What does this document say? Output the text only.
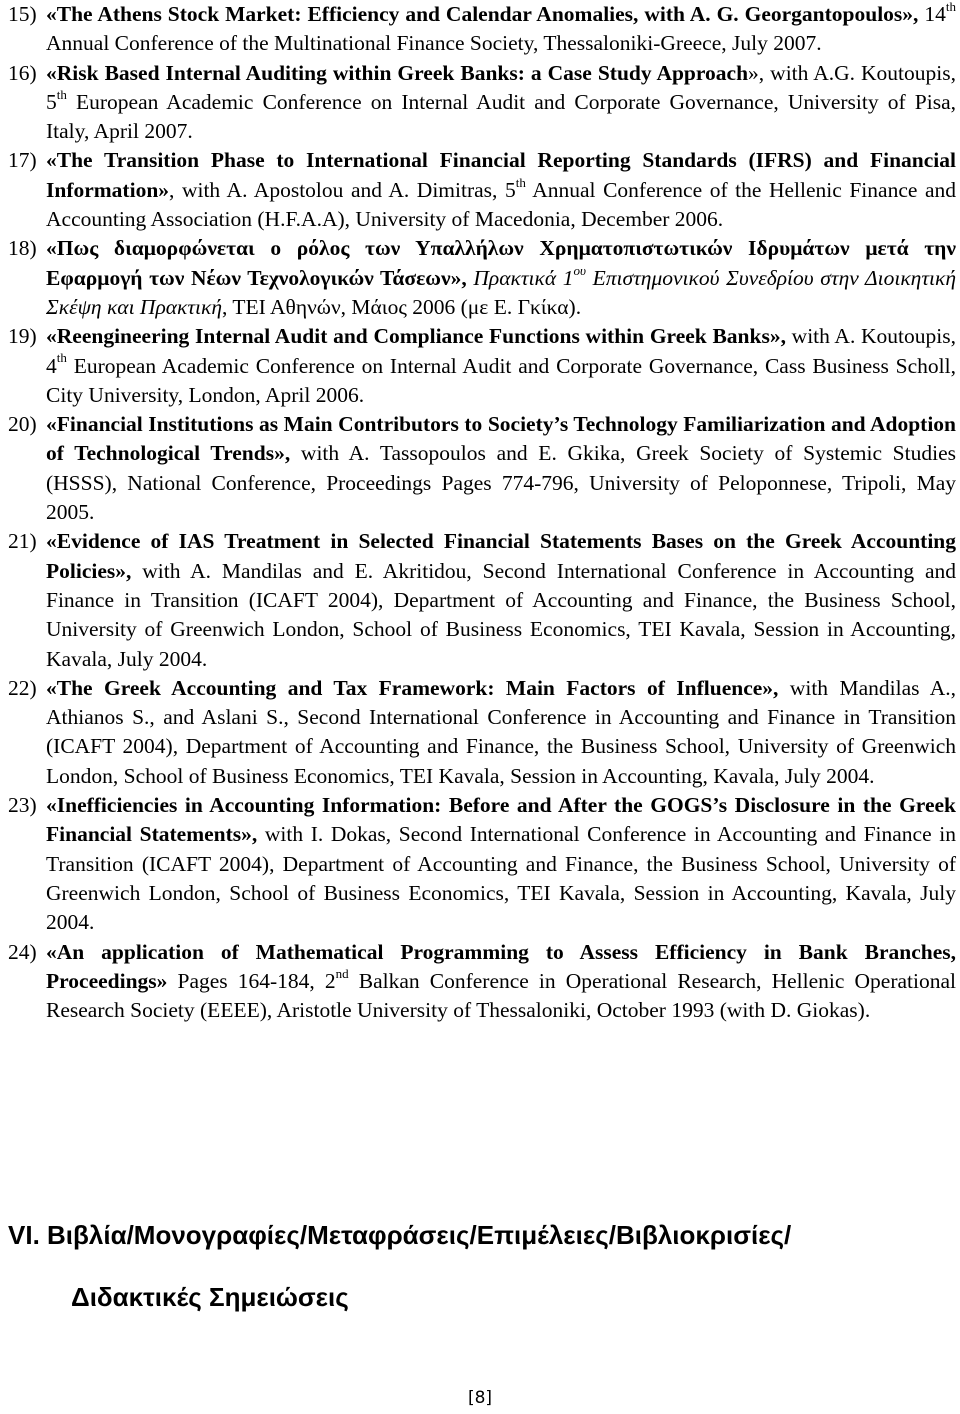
15) «The Athens Stock Market: Efficiency and Calendar Anomalies, with A. G. Georgantopoulos», 14th Annual Conference of the Multinational Finance Society, Thessaloniki-Greece, July 2007.
16) «Risk Based Internal Auditing within Greek Banks: a Case Study Approach», with A.G. Koutoupis, 5th European Academic Conference on Internal Audit and Corporate Governance, University of Pisa, Italy, April 2007.
17) «The Transition Phase to International Financial Reporting Standards (IFRS) and Financial Information», with A. Apostolou and A. Dimitras, 5th Annual Conference of the Hellenic Finance and Accounting Association (H.F.A.A), University of Macedonia, December 2006.
18) «Πως διαμορφώνεται ο ρόλος των Υπαλλήλων Χρηματοπιστωτικών Ιδρυμάτων μετά την Εφαρμογή των Νέων Τεχνολογικών Τάσεων», Πρακτικά $1^{o\upsilon}$ Επιστημονικού Συνεδρίου στην Διοικητική Σκέψη και Πρακτική, ΤΕΙ Αθηνών, Μάιος 2006 (με Ε. Γκίκα).
19) «Reengineering Internal Audit and Compliance Functions within Greek Banks», with A. Koutoupis, 4th European Academic Conference on Internal Audit and Corporate Governance, Cass Business Scholl, City University, London, April 2006.
20) «Financial Institutions as Main Contributors to Society’s Technology Familiarization and Adoption of Technological Trends», with A. Tassopoulos and E. Gkika, Greek Society of Systemic Studies (HSSS), National Conference, Proceedings Pages 774-796, University of Peloponnese, Tripoli, May 2005.
21) «Evidence of IAS Treatment in Selected Financial Statements Bases on the Greek Accounting Policies», with A. Mandilas and E. Akritidou, Second International Conference in Accounting and Finance in Transition (ICAFT 2004), Department of Accounting and Finance, the Business School, University of Greenwich London, School of Business Economics, TEI Kavala, Session in Accounting, Kavala, July 2004.
22) «The Greek Accounting and Tax Framework: Main Factors of Influence», with Mandilas A., Athianos S., and Aslani S., Second International Conference in Accounting and Finance in Transition (ICAFT 2004), Department of Accounting and Finance, the Business School, University of Greenwich London, School of Business Economics, TEI Kavala, Session in Accounting, Kavala, July 2004.
23) «Inefficiencies in Accounting Information: Before and After the GOGS’s Disclosure in the Greek Financial Statements», with I. Dokas, Second International Conference in Accounting and Finance in Transition (ICAFT 2004), Department of Accounting and Finance, the Business School, University of Greenwich London, School of Business Economics, TEI Kavala, Session in Accounting, Kavala, July 2004.
24) «An application of Mathematical Programming to Assess Efficiency in Bank Branches, Proceedings» Pages 164-184, 2nd Balkan Conference in Operational Research, Hellenic Operational Research Society (EEEE), Aristotle University of Thessaloniki, October 1993 (with D. Giokas).
VI. Βιβλία/Μονογραφίες/Μεταφράσεις/Επιμέλειες/Βιβλιοκρισίες/
Διδακτικές Σημειώσεις
[8]
